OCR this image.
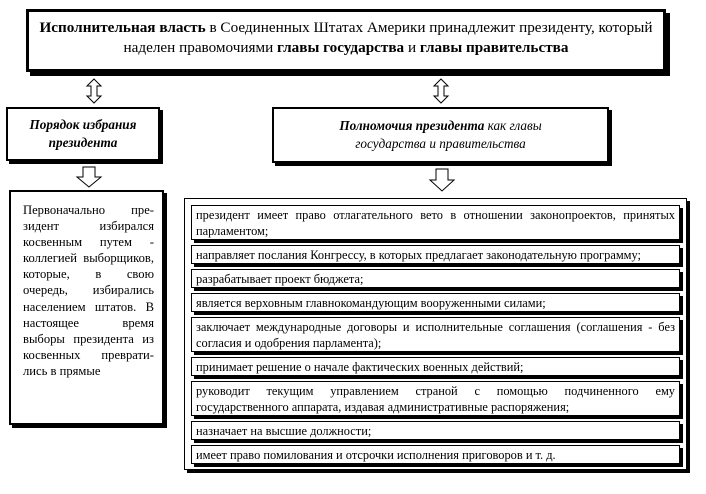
Исполнительная власть в Соединенных Штатах Америки принадлежит президенту, который наделен правомочиями главы государства и главы правительства
Порядок избрания
президента
Полномочия президента как главы
государства и правительства
Первоначально президент избирался косвенным путем - коллегией выборщиков, которые, в свою очередь, избирались населением штатов. В настоящее время выборы президента из косвенных превратились в прямые
президент имеет право отлагательного вето в отношении законопроектов, принятых парламентом;
направляет послания Конгрессу, в которых предлагает законодательную программу;
разрабатывает проект бюджета;
является верховным главнокомандующим вооруженными силами;
заключает международные договоры и исполнительные соглашения (соглашения - без согласия и одобрения парламента);
принимает решение о начале фактических военных действий;
руководит текущим управлением страной с помощью подчиненного ему государственного аппарата, издавая административные распоряжения;
назначает на высшие должности;
имеет право помилования и отсрочки исполнения приговоров и т. д.
